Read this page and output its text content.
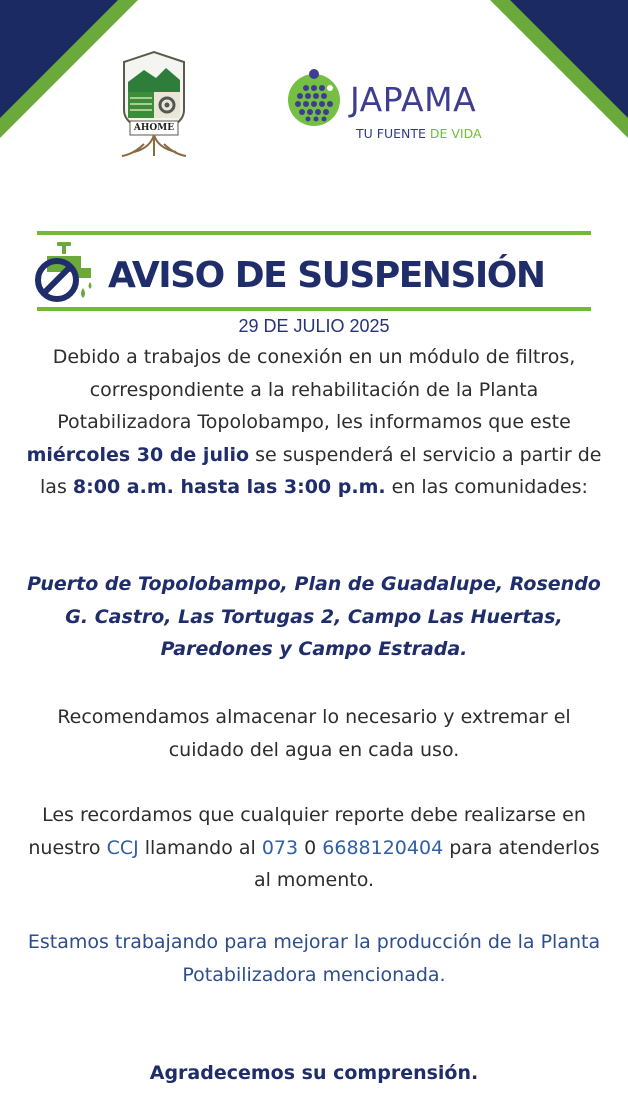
AHOME
JAPAMA
TU FUENTE DE VIDA
AVISO DE SUSPENSIÓN
29 DE JULIO 2025
Debido a trabajos de conexión en un módulo de filtros, correspondiente a la rehabilitación de la Planta Potabilizadora Topolobampo, les informamos que este miércoles 30 de julio se suspenderá el servicio a partir de las 8:00 a.m. hasta las 3:00 p.m. en las comunidades:
Puerto de Topolobampo, Plan de Guadalupe, Rosendo G. Castro, Las Tortugas 2, Campo Las Huertas, Paredones y Campo Estrada.
Recomendamos almacenar lo necesario y extremar el cuidado del agua en cada uso.
Les recordamos que cualquier reporte debe realizarse en nuestro CCJ llamando al 073 0 6688120404 para atenderlos al momento.
Estamos trabajando para mejorar la producción de la Planta Potabilizadora mencionada.
Agradecemos su comprensión.
